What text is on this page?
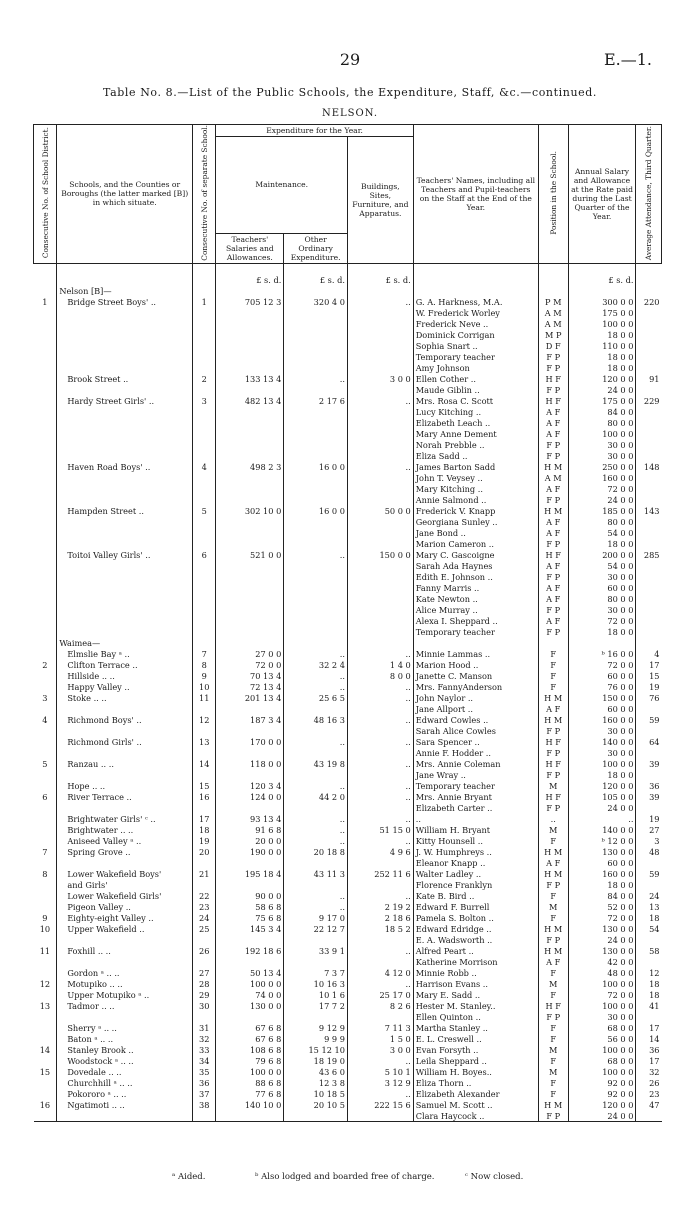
29	E.—1.
Table No. 8.—List of the Public Schools, the Expenditure, Staff, &c.—continued.
NELSON.
Consecutive No. of School District.	Schools, and the Counties or Boroughs (the latter marked [B]) in which situate.	Consecutive No. of separate School.	Expenditure for the Year.			Teachers' Names, including all Teachers and Pupil-teachers on the Staff at the End of the Year.	Position in the School.	Annual Salary and Allowance at the Rate paid during the Last Quarter of the Year.	Average Attendance, Third Quarter.
			Maintenance.		Buildings, Sites, Furniture, and Apparatus.				
			Teachers' Salaries and Allowances.	Other Ordinary Expenditure.					

			£ s. d.	£ s. d.	£ s. d.			£ s. d.	
	Nelson [B]—								
1	Bridge Street Boys' ..	1	705 12 3	320 4 0	..	G. A. Harkness, M.A.	P M	300 0 0	220
						W. Frederick Worley	A M	175 0 0	
						Frederick Neve ..	A M	100 0 0	
						Dominick Corrigan	M P	18 0 0	
						Sophia Snart ..	D F	110 0 0	
						Temporary teacher	F P	18 0 0	
						Amy Johnson	F P	18 0 0	
	Brook Street ..	2	133 13 4	..	3 0 0	Ellen Cother ..	H F	120 0 0	91
						Maude Giblin ..	F P	24 0 0	
	Hardy Street Girls' ..	3	482 13 4	2 17 6	..	Mrs. Rosa C. Scott	H F	175 0 0	229
						Lucy Kitching ..	A F	84 0 0	
						Elizabeth Leach ..	A F	80 0 0	
						Mary Anne Dement	A F	100 0 0	
						Norah Prebble ..	F P	30 0 0	
						Eliza Sadd ..	F P	30 0 0	
	Haven Road Boys' ..	4	498 2 3	16 0 0	..	James Barton Sadd	H M	250 0 0	148
						John T. Veysey ..	A M	160 0 0	
						Mary Kitching ..	A F	72 0 0	
						Annie Salmond ..	F P	24 0 0	
	Hampden Street ..	5	302 10 0	16 0 0	50 0 0	Frederick V. Knapp	H M	185 0 0	143
						Georgiana Sunley ..	A F	80 0 0	
						Jane Bond ..	A F	54 0 0	
						Marion Cameron ..	F P	18 0 0	
	Toitoi Valley Girls' ..	6	521 0 0	..	150 0 0	Mary C. Gascoigne	H F	200 0 0	285
						Sarah Ada Haynes	A F	54 0 0	
						Edith E. Johnson ..	F P	30 0 0	
						Fanny Marris ..	A F	60 0 0	
						Kate Newton ..	A F	80 0 0	
						Alice Murray ..	F P	30 0 0	
						Alexa I. Sheppard ..	A F	72 0 0	
						Temporary teacher	F P	18 0 0	
	Waimea—								
	Elmslie Bay ᵃ ..	7	27 0 0	..	..	Minnie Lammas ..	F	ᵇ 16 0 0	4
2	Clifton Terrace ..	8	72 0 0	32 2 4	1 4 0	Marion Hood ..	F	72 0 0	17
	Hillside .. ..	9	70 13 4	..	8 0 0	Janette C. Manson	F	60 0 0	15
	Happy Valley ..	10	72 13 4	..	..	Mrs. FannyAnderson	F	76 0 0	19
3	Stoke .. ..	11	201 13 4	25 6 5	..	John Naylor ..	H M	150 0 0	76
						Jane Allport ..	A F	60 0 0	
4	Richmond Boys' ..	12	187 3 4	48 16 3	..	Edward Cowles ..	H M	160 0 0	59
						Sarah Alice Cowles	F P	30 0 0	
	Richmond Girls' ..	13	170 0 0	..	..	Sara Spencer ..	H F	140 0 0	64
						Annie F. Hodder ..	F P	30 0 0	
5	Ranzau .. ..	14	118 0 0	43 19 8	..	Mrs. Annie Coleman	H F	100 0 0	39
						Jane Wray ..	F P	18 0 0	
	Hope .. ..	15	120 3 4	..	..	Temporary teacher	M	120 0 0	36
6	River Terrace ..	16	124 0 0	44 2 0	..	Mrs. Annie Bryant	H F	105 0 0	39
						Elizabeth Carter ..	F P	24 0 0	
	Brightwater Girls' ᶜ ..	17	93 13 4	..	..	..	..	..	19
	Brightwater .. ..	18	91 6 8	..	51 15 0	William H. Bryant	M	140 0 0	27
	Aniseed Valley ᵃ ..	19	20 0 0	..	..	Kitty Hounsell ..	F	ᵇ 12 0 0	3
7	Spring Grove ..	20	190 0 0	20 18 8	4 9 6	J. W. Humphreys ..	H M	130 0 0	48
						Eleanor Knapp ..	A F	60 0 0	
8	Lower Wakefield Boys'	21	195 18 4	43 11 3	252 11 6	Walter Ladley ..	H M	160 0 0	59
	and Girls'					Florence Franklyn	F P	18 0 0	
	Lower Wakefield Girls'	22	90 0 0	..	..	Kate B. Bird ..	F	84 0 0	24
	Pigeon Valley ..	23	58 6 8	..	2 19 2	Edward F. Burrell	M	52 0 0	13
9	Eighty-eight Valley ..	24	75 6 8	9 17 0	2 18 6	Pamela S. Bolton ..	F	72 0 0	18
10	Upper Wakefield ..	25	145 3 4	22 12 7	18 5 2	Edward Edridge ..	H M	130 0 0	54
						E. A. Wadsworth ..	F P	24 0 0	
11	Foxhill .. ..	26	192 18 6	33 9 1	..	Alfred Peart ..	H M	130 0 0	58
						Katherine Morrison	A F	42 0 0	
	Gordon ᵃ .. ..	27	50 13 4	7 3 7	4 12 0	Minnie Robb ..	F	48 0 0	12
12	Motupiko .. ..	28	100 0 0	10 16 3	..	Harrison Evans ..	M	100 0 0	18
	Upper Motupiko ᵃ ..	29	74 0 0	10 1 6	25 17 0	Mary E. Sadd ..	F	72 0 0	18
13	Tadmor .. ..	30	130 0 0	17 7 2	8 2 6	Hester M. Stanley..	H F	100 0 0	41
						Ellen Quinton ..	F P	30 0 0	
	Sherry ᵃ .. ..	31	67 6 8	9 12 9	7 11 3	Martha Stanley ..	F	68 0 0	17
	Baton ᵃ .. ..	32	67 6 8	9 9 9	1 5 0	E. L. Creswell ..	F	56 0 0	14
14	Stanley Brook ..	33	108 6 8	15 12 10	3 0 0	Evan Forsyth ..	M	100 0 0	36
	Woodstock ᵃ .. ..	34	79 6 8	18 19 0	..	Leila Sheppard ..	F	68 0 0	17
15	Dovedale .. ..	35	100 0 0	43 6 0	5 10 1	William H. Boyes..	M	100 0 0	32
	Churchhill ᵃ .. ..	36	88 6 8	12 3 8	3 12 9	Eliza Thorn ..	F	92 0 0	26
	Pokororo ᵃ .. ..	37	77 6 8	10 18 5	..	Elizabeth Alexander	F	92 0 0	23
16	Ngatimoti .. ..	38	140 10 0	20 10 5	222 15 6	Samuel M. Scott ..	H M	120 0 0	47
						Clara Haycock ..	F P	24 0 0	
ᵃ Aided.	ᵇ Also lodged and boarded free of charge.	ᶜ Now closed.
